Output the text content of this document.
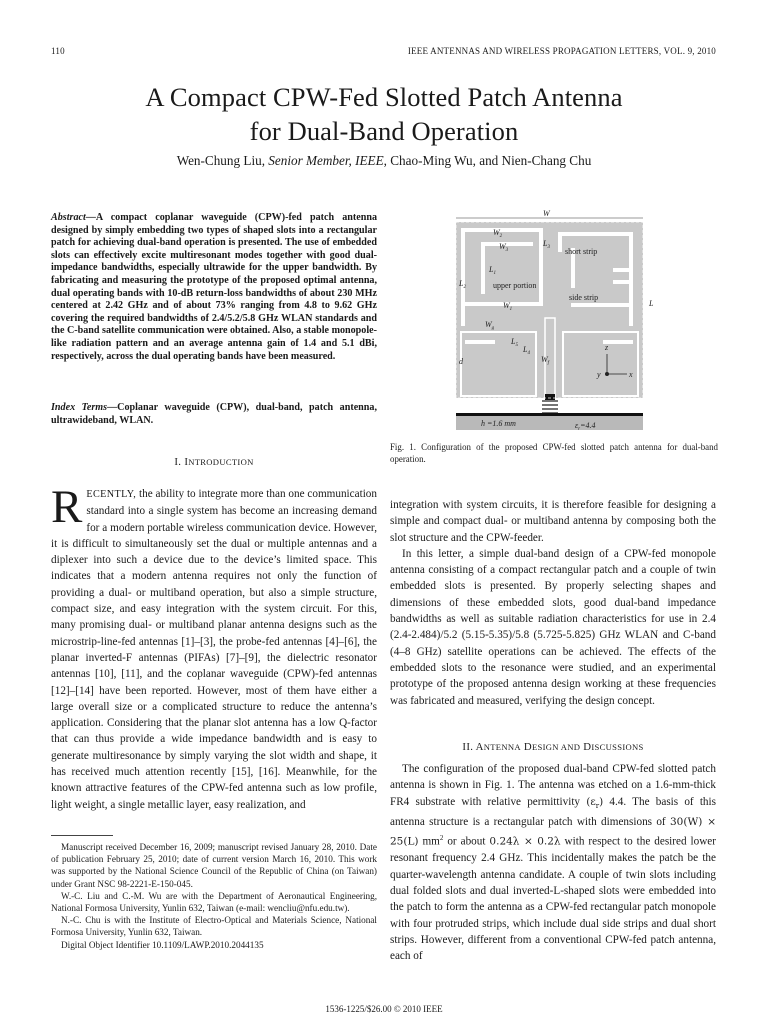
110	IEEE ANTENNAS AND WIRELESS PROPAGATION LETTERS, VOL. 9, 2010
A Compact CPW-Fed Slotted Patch Antenna
for Dual-Band Operation
Wen-Chung Liu, Senior Member, IEEE, Chao-Ming Wu, and Nien-Chang Chu
Abstract—A compact coplanar waveguide (CPW)-fed patch antenna designed by simply embedding two types of shaped slots into a rectangular patch for achieving dual-band operation is presented. The use of embedded slots can effectively excite multiresonant modes together with good dual-impedance bandwidths, especially ultrawide for the upper bandwidth. By fabricating and measuring the prototype of the proposed optimal antenna, dual operating bands with 10-dB return-loss bandwidths of about 230 MHz centered at 2.42 GHz and of about 73% ranging from 4.8 to 9.62 GHz covering the required bandwidths of 2.4/5.2/5.8 GHz WLAN standards and the C-band satellite communication were obtained. Also, a stable monopole-like radiation pattern and an average antenna gain of 1.4 and 5.1 dBi, respectively, across the dual operating bands have been measured.
Index Terms—Coplanar waveguide (CPW), dual-band, patch antenna, ultrawideband, WLAN.
I. INTRODUCTION
RECENTLY, the ability to integrate more than one communication standard into a single system has become an increasing demand for a modern portable wireless communication device. However, it is difficult to simultaneously set the dual or multiple antennas and a diplexer into such a device due to the device’s limited space. This indicates that a modern antenna requires not only the function of providing a dual- or multiband operation, but also a simple structure, compact size, and easy integration with the system circuit. For this, many promising dual- or multiband planar antenna designs such as the microstrip-line-fed antennas [1]–[3], the probe-fed antennas [4]–[6], the planar inverted-F antennas (PIFAs) [7]–[9], the dielectric resonator antennas [10], [11], and the coplanar waveguide (CPW)-fed antennas [12]–[14] have been reported. However, most of them have either a large overall size or a complicated structure to reduce the antenna’s application. Considering that the planar slot antenna has a low Q-factor that can thus provide a wide impedance bandwidth and is easy to generate multiresonance by simply varying the slot width and shape, it has received much attention recently [15], [16]. Meanwhile, for the known attractive features of the CPW-fed antenna such as low profile, light weight, a single metallic layer, easy realization, and

Manuscript received December 16, 2009; manuscript revised January 28, 2010. Date of publication February 25, 2010; date of current version March 16, 2010. This work was supported by the National Science Council of the Republic of China (on Taiwan) under Grant NSC 98-2221-E-150-045.

W.-C. Liu and C.-M. Wu are with the Department of Aeronautical Engineering, National Formosa University, Yunlin 632, Taiwan (e-mail: wencliu@nfu.edu.tw).

N.-C. Chu is with the Institute of Electro-Optical and Materials Science, National Formosa University, Yunlin 632, Taiwan.

Digital Object Identifier 10.1109/LAWP.2010.2044135

W
$W_2$
$W_3$
$L_3$
$L_1$
$L_2$	upper portion
$W_1$
$W_g$
$L_5$ $L_4$
$W_f$
d
L
short strip
side strip
z
y	x
h =1.6 mm	$\varepsilon_r=4.4$
Fig. 1. Configuration of the proposed CPW-fed slotted patch antenna for dual-band operation.

integration with system circuits, it is therefore feasible for designing a simple and compact dual- or multiband antenna by composing both the slot structure and the CPW-feeder.

In this letter, a simple dual-band design of a CPW-fed monopole antenna consisting of a compact rectangular patch and a couple of twin embedded slots is presented. By properly selecting shapes and dimensions of these embedded slots, good dual-band impedance bandwidths as well as suitable radiation characteristics for use in 2.4 (2.4-2.484)/5.2 (5.15-5.35)/5.8 (5.725-5.825) GHz WLAN and C-band (4–8 GHz) satellite operations can be achieved. The effects of the embedded slots to the resonance were studied, and an experimental prototype of the proposed antenna design working at these frequencies was fabricated and measured, verifying the design concept.

II. ANTENNA DESIGN AND DISCUSSIONS

The configuration of the proposed dual-band CPW-fed slotted patch antenna is shown in Fig. 1. The antenna was etched on a 1.6-mm-thick FR4 substrate with relative permittivity $(\varepsilon_r)$ 4.4. The basis of this antenna structure is a rectangular patch with dimensions of 30(W) × 25(L) $mm^2$ or about 0.24λ × 0.2λ with respect to the desired lower resonant frequency 2.4 GHz. This incidentally makes the patch be the quarter-wavelength antenna candidate. A couple of twin slots including dual folded slots and dual inverted-L-shaped slots were embedded into the patch to form the antenna as a CPW-fed rectangular patch monopole with four protruded strips, which include dual side strips and dual short strips. However, different from a conventional CPW-fed patch antenna, each of

1536-1225/$26.00 © 2010 IEEE
